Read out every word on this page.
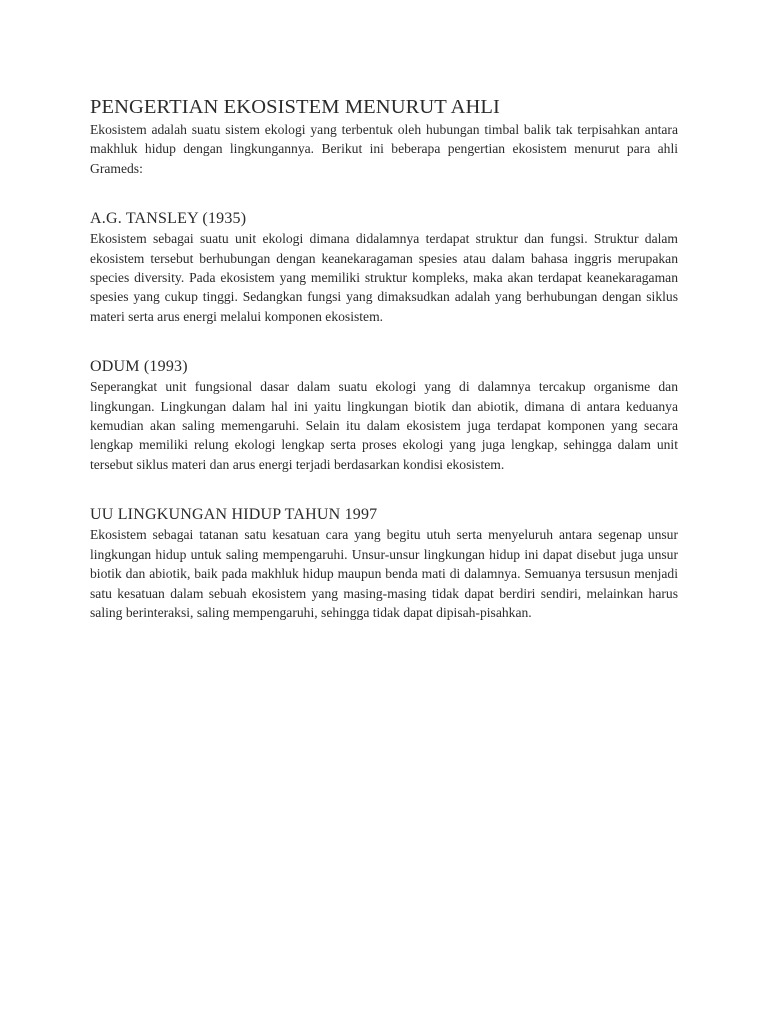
PENGERTIAN EKOSISTEM MENURUT AHLI

Ekosistem adalah suatu sistem ekologi yang terbentuk oleh hubungan timbal balik tak terpisahkan antara makhluk hidup dengan lingkungannya. Berikut ini beberapa pengertian ekosistem menurut para ahli Grameds:

A.G. TANSLEY (1935)

Ekosistem sebagai suatu unit ekologi dimana didalamnya terdapat struktur dan fungsi. Struktur dalam ekosistem tersebut berhubungan dengan keanekaragaman spesies atau dalam bahasa inggris merupakan species diversity. Pada ekosistem yang memiliki struktur kompleks, maka akan terdapat keanekaragaman spesies yang cukup tinggi. Sedangkan fungsi yang dimaksudkan adalah yang berhubungan dengan siklus materi serta arus energi melalui komponen ekosistem.

ODUM (1993)

Seperangkat unit fungsional dasar dalam suatu ekologi yang di dalamnya tercakup organisme dan lingkungan. Lingkungan dalam hal ini yaitu lingkungan biotik dan abiotik, dimana di antara keduanya kemudian akan saling memengaruhi. Selain itu dalam ekosistem juga terdapat komponen yang secara lengkap memiliki relung ekologi lengkap serta proses ekologi yang juga lengkap, sehingga dalam unit tersebut siklus materi dan arus energi terjadi berdasarkan kondisi ekosistem.

UU LINGKUNGAN HIDUP TAHUN 1997

Ekosistem sebagai tatanan satu kesatuan cara yang begitu utuh serta menyeluruh antara segenap unsur lingkungan hidup untuk saling mempengaruhi. Unsur-unsur lingkungan hidup ini dapat disebut juga unsur biotik dan abiotik, baik pada makhluk hidup maupun benda mati di dalamnya. Semuanya tersusun menjadi satu kesatuan dalam sebuah ekosistem yang masing-masing tidak dapat berdiri sendiri, melainkan harus saling berinteraksi, saling mempengaruhi, sehingga tidak dapat dipisah-pisahkan.
